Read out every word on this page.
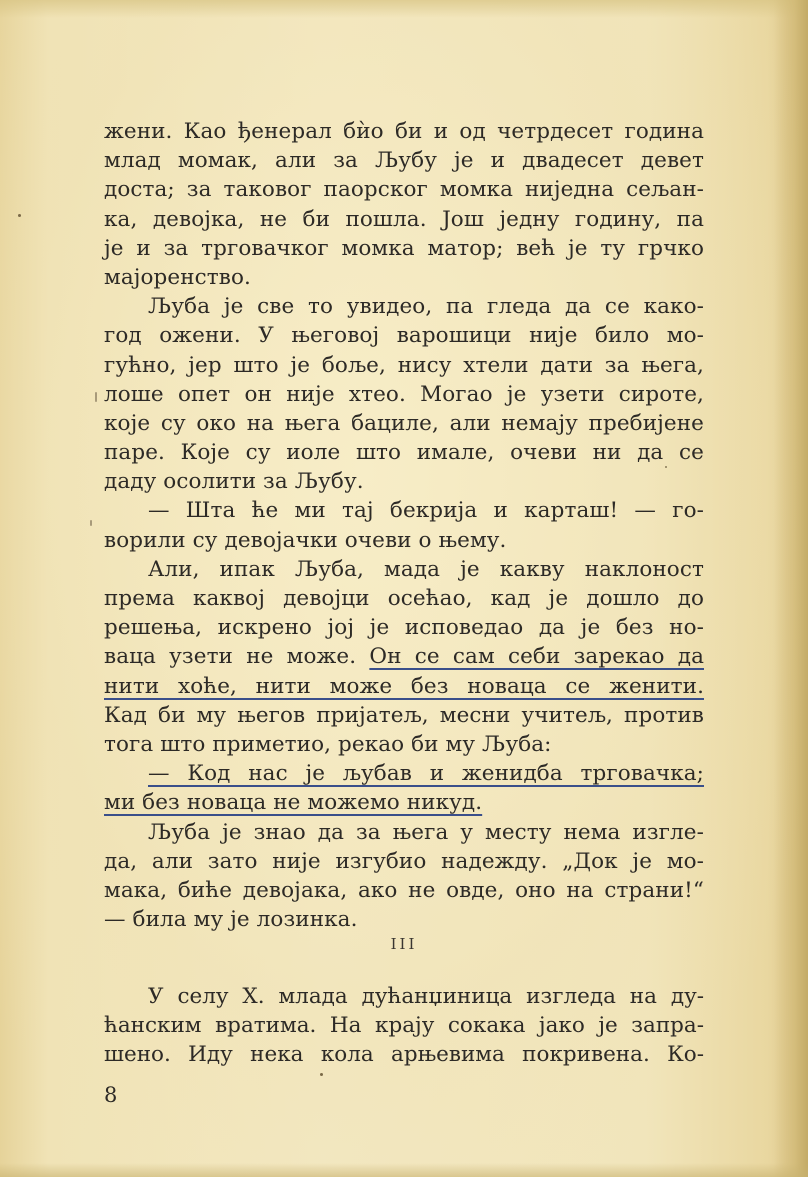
жени. Као ђенерал бѝо би и од четрдесет година
млад момак, али за Љубу је и двадесет девет
доста; за таковог паорског момка ниједна сељан-
ка, девојка, не би пошла. Још једну годину, па
је и за трговачког момка матор; већ је ту грчко
мајоренство.
Љуба је све то увидео, па гледа да се како-
год ожени. У његовој варошици није било мо-
гућно, јер што је боље, нису хтели дати за њега,
лоше опет он није хтео. Могао је узети сироте,
које су око на њега бациле, али немају пребијене
паре. Које су иоле што имале, очеви ни да се
даду осолити за Љубу.
— Шта ће ми тај бекрија и карташ! — го-
ворили су девојачки очеви о њему.
Али, ипак Љуба, мада је какву наклоност
према каквој девојци осећао, кад је дошло до
решења, искрено јој је исповедао да је без но-
ваца узети не може. Он се сам себи зарекао да
нити хоће, нити може без новаца се женити.
Кад би му његов пријатељ, месни учитељ, против
тога што приметио, рекао би му Љуба:
— Код нас је љубав и женидба трговачка;
ми без новаца не можемо никуд.
Љуба је знао да за њега у месту нема изгле-
да, али зато није изгубио надежду. „Док је мо-
мака, биће девојака, ако не овде, оно на страни!“
— била му је лозинка.
III
У селу Х. млада дућанџиница изгледа на ду-
ћанским вратима. На крају сокака јако је запра-
шено. Иду нека кола арњевима покривена. Ко-
8
